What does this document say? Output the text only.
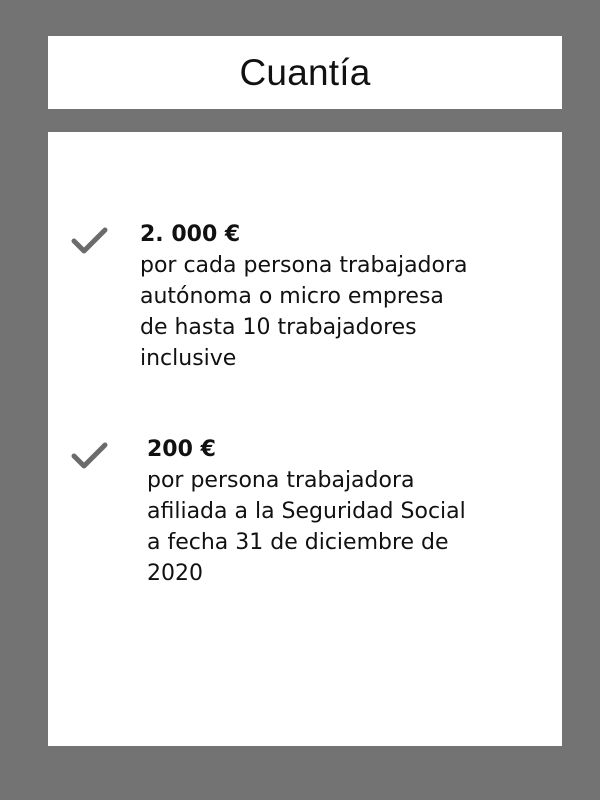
Cuantía
2. 000 €
por cada persona trabajadora
autónoma o micro empresa
de hasta 10 trabajadores
inclusive
200 €
por persona trabajadora
afiliada a la Seguridad Social
a fecha 31 de diciembre de
2020
